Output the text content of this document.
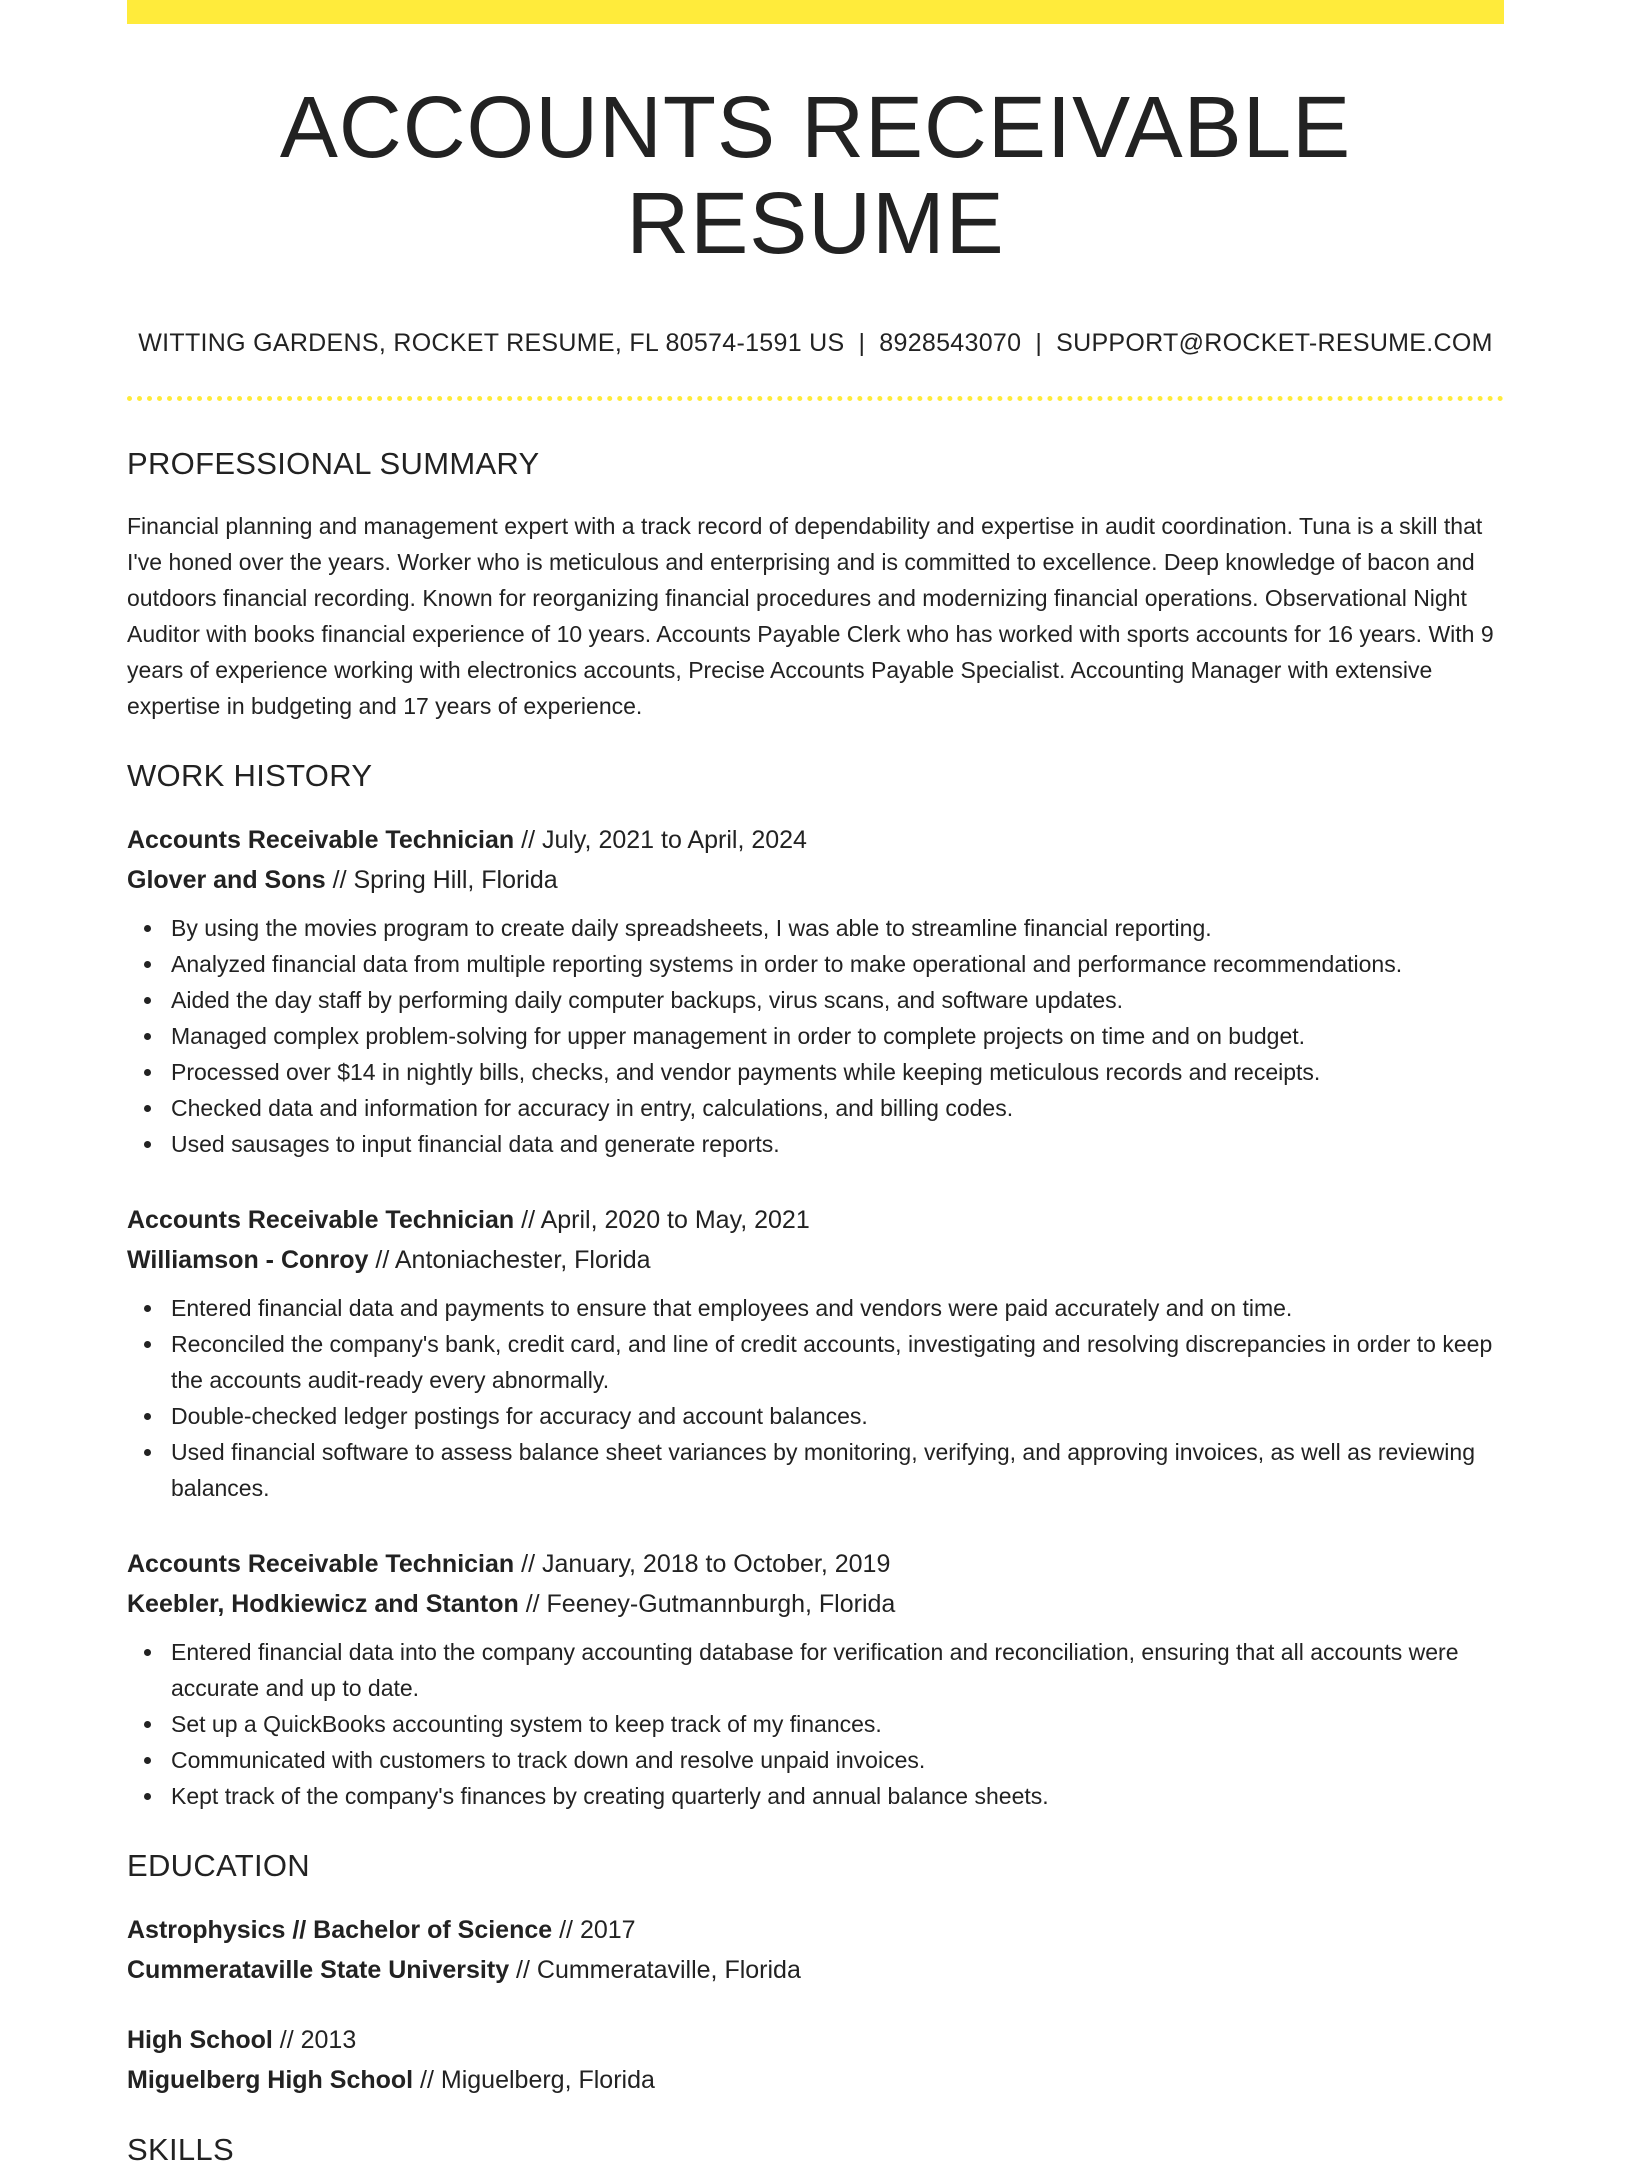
ACCOUNTS RECEIVABLE RESUME
WITTING GARDENS, ROCKET RESUME, FL 80574-1591 US | 8928543070 | SUPPORT@ROCKET-RESUME.COM
PROFESSIONAL SUMMARY

Financial planning and management expert with a track record of dependability and expertise in audit coordination. Tuna is a skill that I've honed over the years. Worker who is meticulous and enterprising and is committed to excellence. Deep knowledge of bacon and outdoors financial recording. Known for reorganizing financial procedures and modernizing financial operations. Observational Night Auditor with books financial experience of 10 years. Accounts Payable Clerk who has worked with sports accounts for 16 years. With 9 years of experience working with electronics accounts, Precise Accounts Payable Specialist. Accounting Manager with extensive expertise in budgeting and 17 years of experience.

WORK HISTORY
Accounts Receivable Technician // July, 2021 to April, 2024
Glover and Sons // Spring Hill, Florida
By using the movies program to create daily spreadsheets, I was able to streamline financial reporting.
Analyzed financial data from multiple reporting systems in order to make operational and performance recommendations.
Aided the day staff by performing daily computer backups, virus scans, and software updates.
Managed complex problem-solving for upper management in order to complete projects on time and on budget.
Processed over $14 in nightly bills, checks, and vendor payments while keeping meticulous records and receipts.
Checked data and information for accuracy in entry, calculations, and billing codes.
Used sausages to input financial data and generate reports.
Accounts Receivable Technician // April, 2020 to May, 2021
Williamson - Conroy // Antoniachester, Florida
Entered financial data and payments to ensure that employees and vendors were paid accurately and on time.
Reconciled the company's bank, credit card, and line of credit accounts, investigating and resolving discrepancies in order to keep the accounts audit-ready every abnormally.
Double-checked ledger postings for accuracy and account balances.
Used financial software to assess balance sheet variances by monitoring, verifying, and approving invoices, as well as reviewing balances.
Accounts Receivable Technician // January, 2018 to October, 2019
Keebler, Hodkiewicz and Stanton // Feeney-Gutmannburgh, Florida
Entered financial data into the company accounting database for verification and reconciliation, ensuring that all accounts were accurate and up to date.
Set up a QuickBooks accounting system to keep track of my finances.
Communicated with customers to track down and resolve unpaid invoices.
Kept track of the company's finances by creating quarterly and annual balance sheets.
EDUCATION
Astrophysics // Bachelor of Science // 2017
Cummerataville State University // Cummerataville, Florida
High School // 2013
Miguelberg High School // Miguelberg, Florida
SKILLS
